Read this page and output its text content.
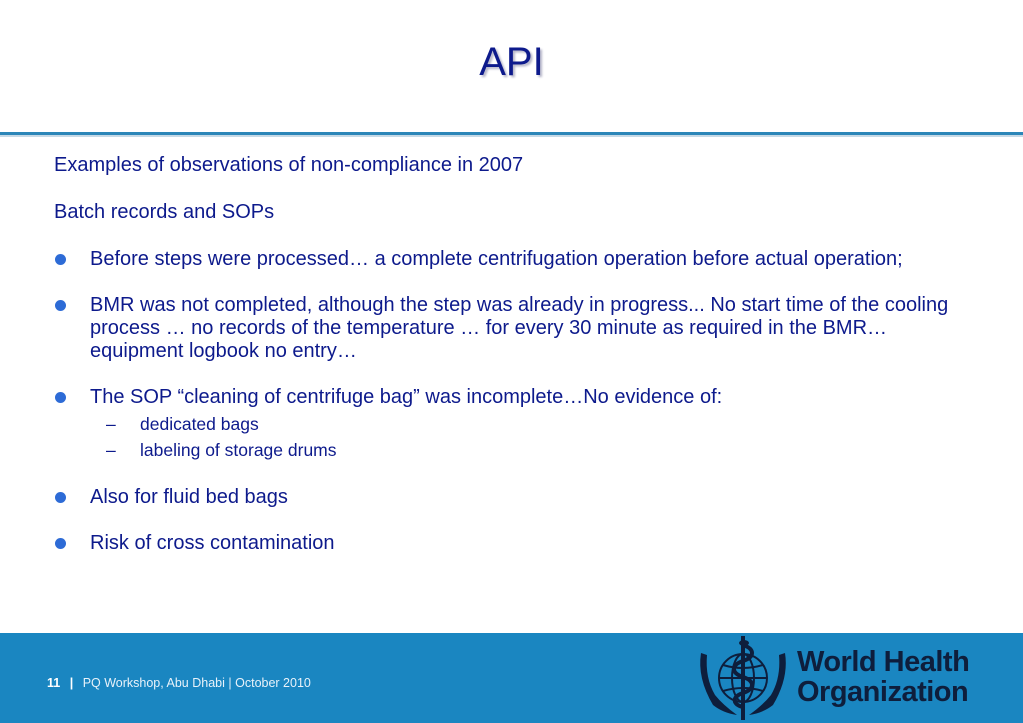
API
Examples of observations of non-compliance in 2007
Batch records and SOPs
Before steps were processed… a complete centrifugation operation before actual operation;
BMR was not completed, although the step was already in progress... No start time of the cooling process … no records of the temperature … for every 30 minute as required in the BMR… equipment logbook no entry…
The SOP “cleaning of centrifuge bag” was incomplete…No evidence of:
– dedicated bags
– labeling of storage drums
Also for fluid bed bags
Risk of cross contamination
11 | PQ Workshop, Abu Dhabi | October 2010
World Health
Organization
